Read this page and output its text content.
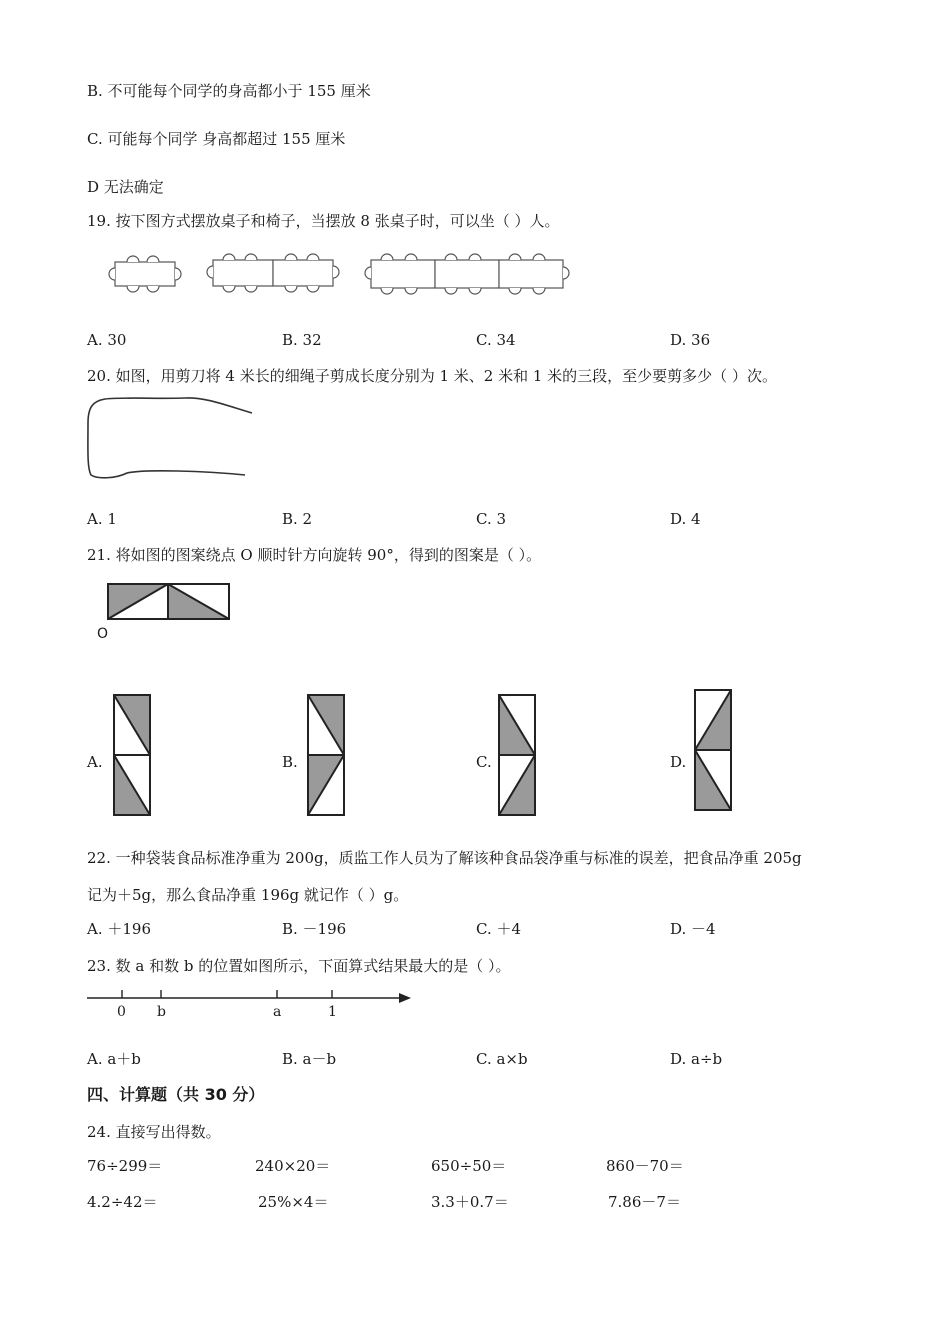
B. 不可能每个同学的身高都小于 155 厘米
C. 可能每个同学 身高都超过 155 厘米
D 无法确定
19. 按下图方式摆放桌子和椅子，当摆放 8 张桌子时，可以坐（ ）人。
A. 30	B. 32	C. 34	D. 36
20. 如图，用剪刀将 4 米长的细绳子剪成长度分别为 1 米、2 米和 1 米的三段，至少要剪多少（ ）次。
A. 1	B. 2	C. 3	D. 4
21. 将如图的图案绕点 O 顺时针方向旋转 90°，得到的图案是（ ）。
O
A.	B.	C.	D.
22. 一种袋装食品标准净重为 200g，质监工作人员为了解该种食品袋净重与标准的误差，把食品净重 205g
记为＋5g，那么食品净重 196g 就记作（ ）g。
A. ＋196	B. －196	C. ＋4	D. －4
23. 数 a 和数 b 的位置如图所示，下面算式结果最大的是（ ）。
0 b	a	1
A. a＋b	B. a－b	C. a×b	D. a÷b
四、计算题（共 30 分）
24. 直接写出得数。
76÷299＝	240×20＝	650÷50＝	860－70＝
4.2÷42＝	25%×4＝	3.3＋0.7＝	7.86－7＝
